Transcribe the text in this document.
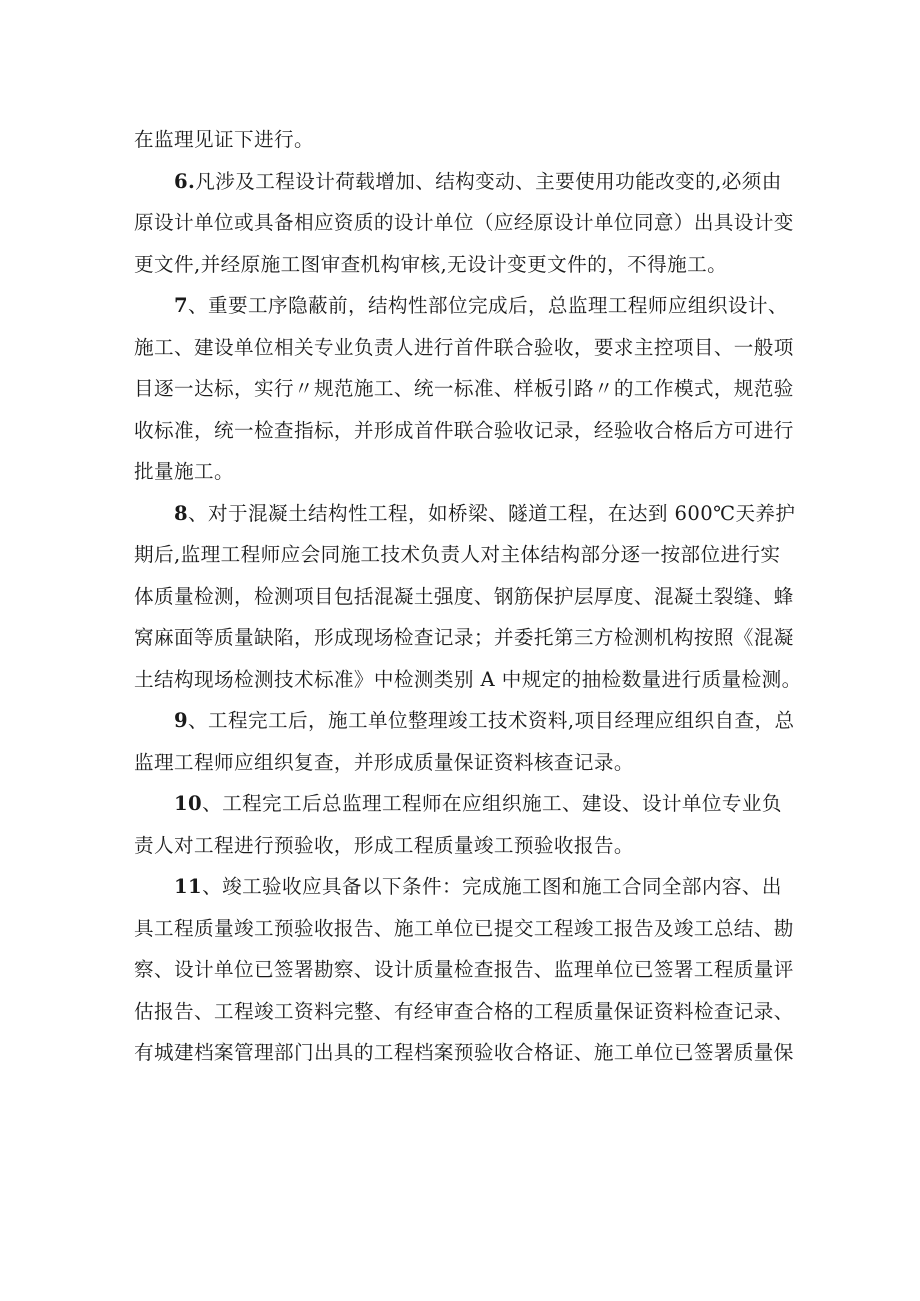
在监理见证下进行。
6.凡涉及工程设计荷载增加、结构变动、主要使用功能改变的,必须由
原设计单位或具备相应资质的设计单位（应经原设计单位同意）出具设计变
更文件,并经原施工图审查机构审核,无设计变更文件的，不得施工。
7、重要工序隐蔽前，结构性部位完成后，总监理工程师应组织设计、
施工、建设单位相关专业负责人进行首件联合验收，要求主控项目、一般项
目逐一达标，实行〃规范施工、统一标准、样板引路〃的工作模式，规范验
收标准，统一检查指标，并形成首件联合验收记录，经验收合格后方可进行
批量施工。
8、对于混凝土结构性工程，如桥梁、隧道工程，在达到 600℃天养护
期后,监理工程师应会同施工技术负责人对主体结构部分逐一按部位进行实
体质量检测，检测项目包括混凝土强度、钢筋保护层厚度、混凝土裂缝、蜂
窝麻面等质量缺陷，形成现场检查记录；并委托第三方检测机构按照《混凝
土结构现场检测技术标准》中检测类别 A 中规定的抽检数量进行质量检测。
9、工程完工后，施工单位整理竣工技术资料,项目经理应组织自查，总
监理工程师应组织复查，并形成质量保证资料核查记录。
10、工程完工后总监理工程师在应组织施工、建设、设计单位专业负
责人对工程进行预验收，形成工程质量竣工预验收报告。
11、竣工验收应具备以下条件：完成施工图和施工合同全部内容、出
具工程质量竣工预验收报告、施工单位已提交工程竣工报告及竣工总结、勘
察、设计单位已签署勘察、设计质量检查报告、监理单位已签署工程质量评
估报告、工程竣工资料完整、有经审查合格的工程质量保证资料检查记录、
有城建档案管理部门出具的工程档案预验收合格证、施工单位已签署质量保
